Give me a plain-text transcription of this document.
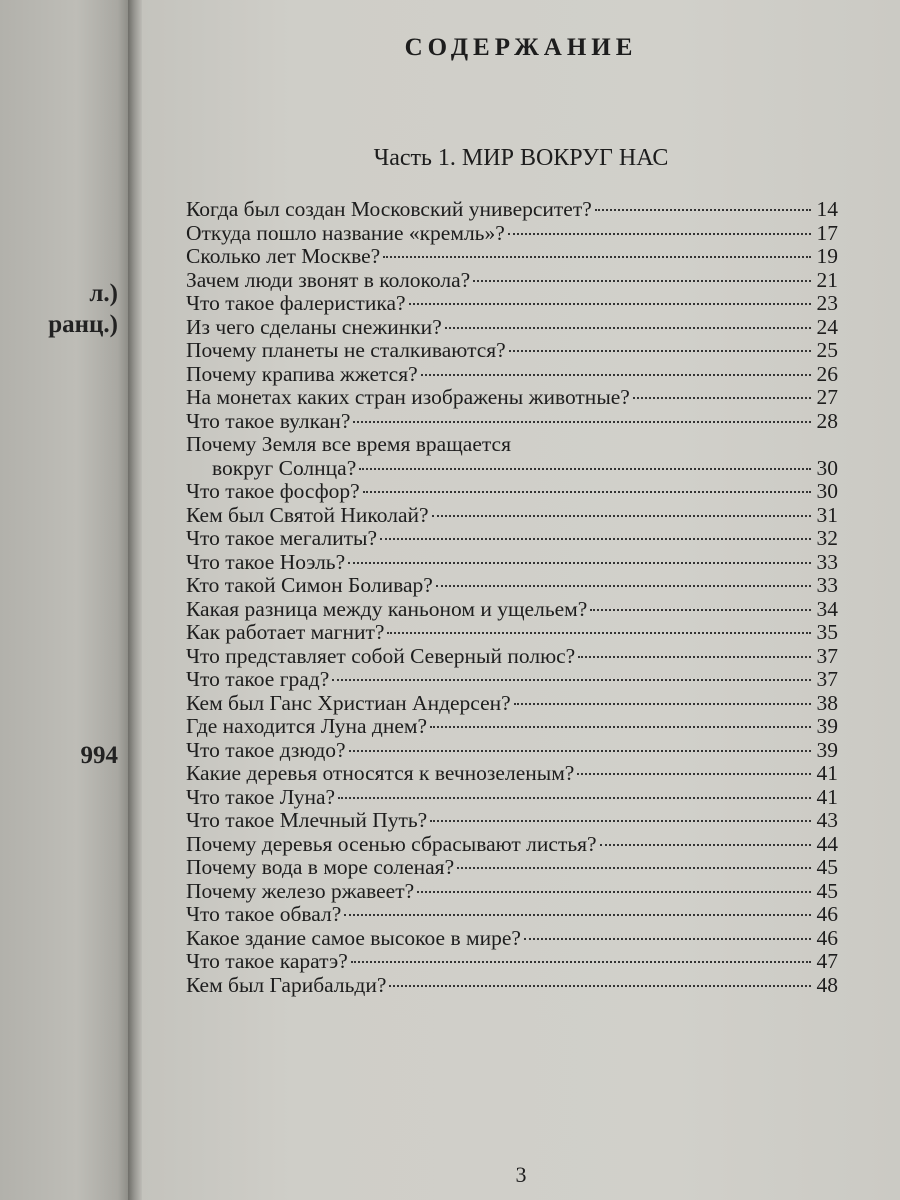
л.)
ранц.)
994
СОДЕРЖАНИЕ
Часть 1. МИР ВОКРУГ НАС
Когда был создан Московский университет?	14
Откуда пошло название «кремль»?	17
Сколько лет Москве?	19
Зачем люди звонят в колокола?	21
Что такое фалеристика?	23
Из чего сделаны снежинки?	24
Почему планеты не сталкиваются?	25
Почему крапива жжется?	26
На монетах каких стран изображены животные?	27
Что такое вулкан?	28
Почему Земля все время вращается
вокруг Солнца?	30
Что такое фосфор?	30
Кем был Святой Николай?	31
Что такое мегалиты?	32
Что такое Ноэль?	33
Кто такой Симон Боливар?	33
Какая разница между каньоном и ущельем?	34
Как работает магнит?	35
Что представляет собой Северный полюс?	37
Что такое град?	37
Кем был Ганс Христиан Андерсен?	38
Где находится Луна днем?	39
Что такое дзюдо?	39
Какие деревья относятся к вечнозеленым?	41
Что такое Луна?	41
Что такое Млечный Путь?	43
Почему деревья осенью сбрасывают листья?	44
Почему вода в море соленая?	45
Почему железо ржавеет?	45
Что такое обвал?	46
Какое здание самое высокое в мире?	46
Что такое каратэ?	47
Кем был Гарибальди?	48
3
